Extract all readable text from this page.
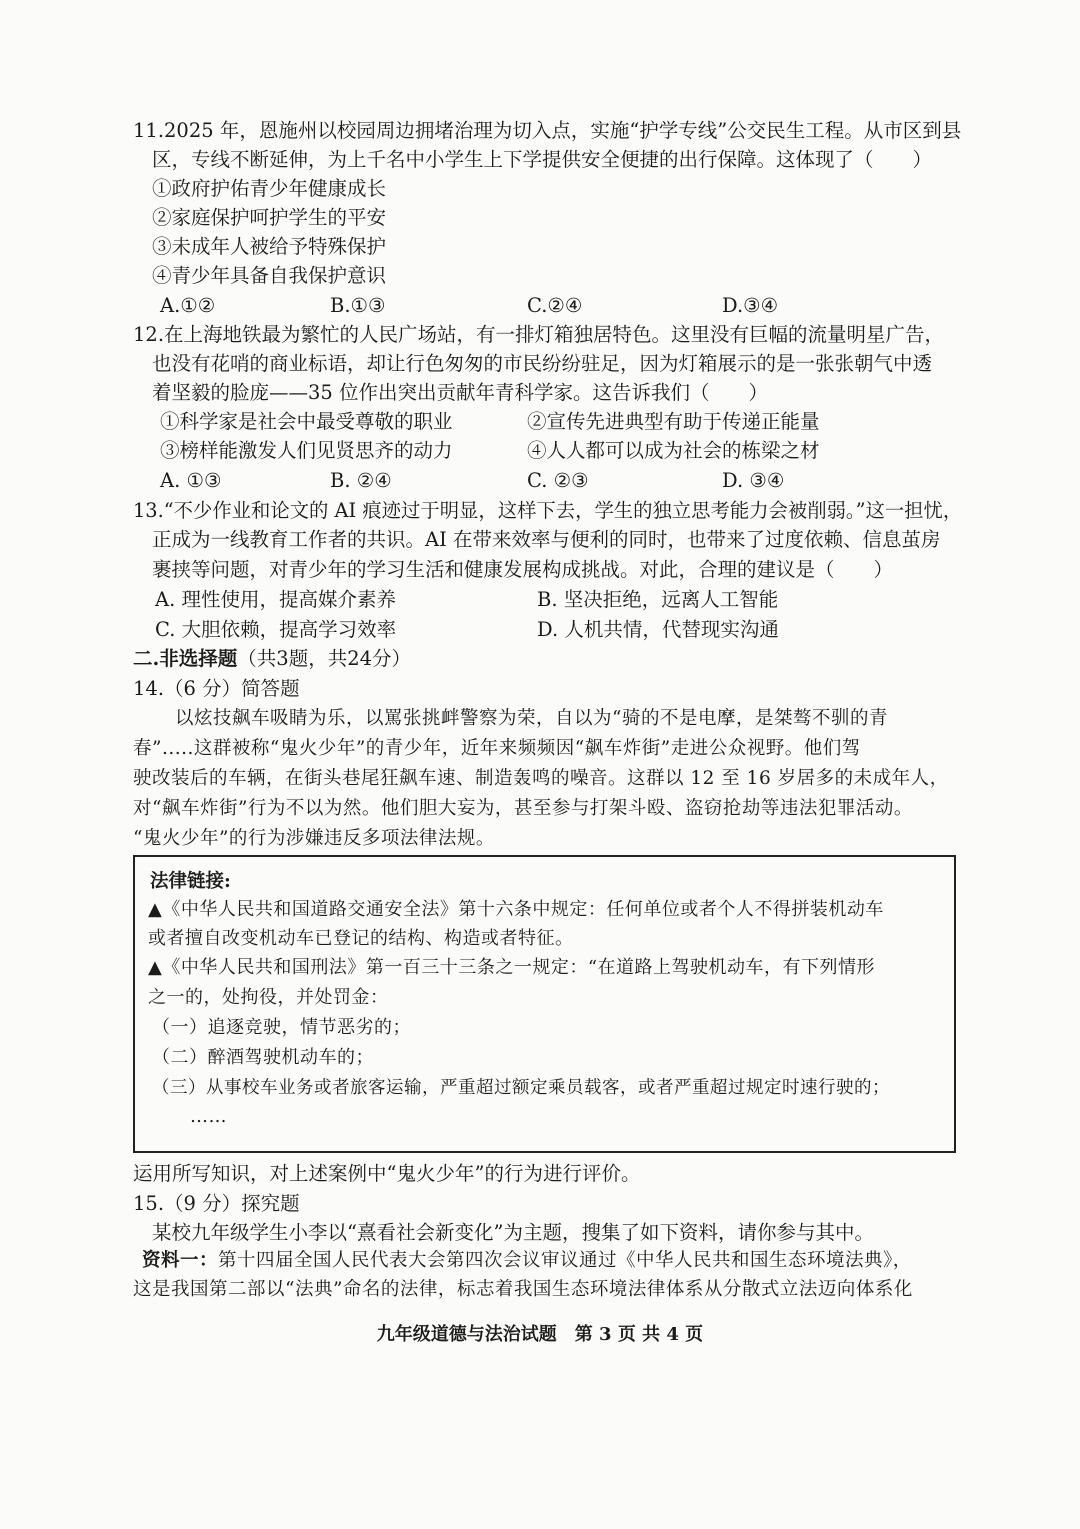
11.2025 年，恩施州以校园周边拥堵治理为切入点，实施“护学专线”公交民生工程。从市区到县
区，专线不断延伸，为上千名中小学生上下学提供安全便捷的出行保障。这体现了（　　）
①政府护佑青少年健康成长
②家庭保护呵护学生的平安
③未成年人被给予特殊保护
④青少年具备自我保护意识
A.①②	B.①③	C.②④	D.③④
12.在上海地铁最为繁忙的人民广场站，有一排灯箱独居特色。这里没有巨幅的流量明星广告，
也没有花哨的商业标语，却让行色匆匆的市民纷纷驻足，因为灯箱展示的是一张张朝气中透
着坚毅的脸庞——35 位作出突出贡献年青科学家。这告诉我们（　　）
①科学家是社会中最受尊敬的职业	②宣传先进典型有助于传递正能量
③榜样能激发人们见贤思齐的动力	④人人都可以成为社会的栋梁之材
A. ①③	B. ②④	C. ②③	D. ③④
13.“不少作业和论文的 AI 痕迹过于明显，这样下去，学生的独立思考能力会被削弱。”这一担忧，
正成为一线教育工作者的共识。AI 在带来效率与便利的同时，也带来了过度依赖、信息茧房
裹挟等问题，对青少年的学习生活和健康发展构成挑战。对此，合理的建议是（　　）
A. 理性使用，提高媒介素养	B. 坚决拒绝，远离人工智能
C. 大胆依赖，提高学习效率	D. 人机共情，代替现实沟通
二.非选择题（共3题，共24分）
14.（6 分）简答题
以炫技飙车吸睛为乐，以罵张挑衅警察为荣，自以为“骑的不是电摩，是桀骜不驯的青
春”.....这群被称“鬼火少年”的青少年，近年来频频因“飙车炸街”走进公众视野。他们驾
驶改装后的车辆，在街头巷尾狂飙车速、制造轰鸣的噪音。这群以 12 至 16 岁居多的未成年人，
对“飙车炸街”行为不以为然。他们胆大妄为，甚至参与打架斗殴、盗窃抢劫等违法犯罪活动。
“鬼火少年”的行为涉嫌违反多项法律法规。
法律链接:
▲《中华人民共和国道路交通安全法》第十六条中规定：任何单位或者个人不得拼装机动车
或者擅自改变机动车已登记的结构、构造或者特征。
▲《中华人民共和国刑法》第一百三十三条之一规定：“在道路上驾驶机动车，有下列情形
之一的，处拘役，并处罚金：
（一）追逐竞驶，情节恶劣的；
（二）醉酒驾驶机动车的；
（三）从事校车业务或者旅客运输，严重超过额定乘员载客，或者严重超过规定时速行驶的；
……
运用所写知识，对上述案例中“鬼火少年”的行为进行评价。
15.（9 分）探究题
某校九年级学生小李以“熹看社会新变化”为主题，搜集了如下资料，请你参与其中。
资料一：第十四届全国人民代表大会第四次会议审议通过《中华人民共和国生态环境法典》，
这是我国第二部以“法典”命名的法律，标志着我国生态环境法律体系从分散式立法迈向体系化
九年级道德与法治试题　第 3 页 共 4 页
